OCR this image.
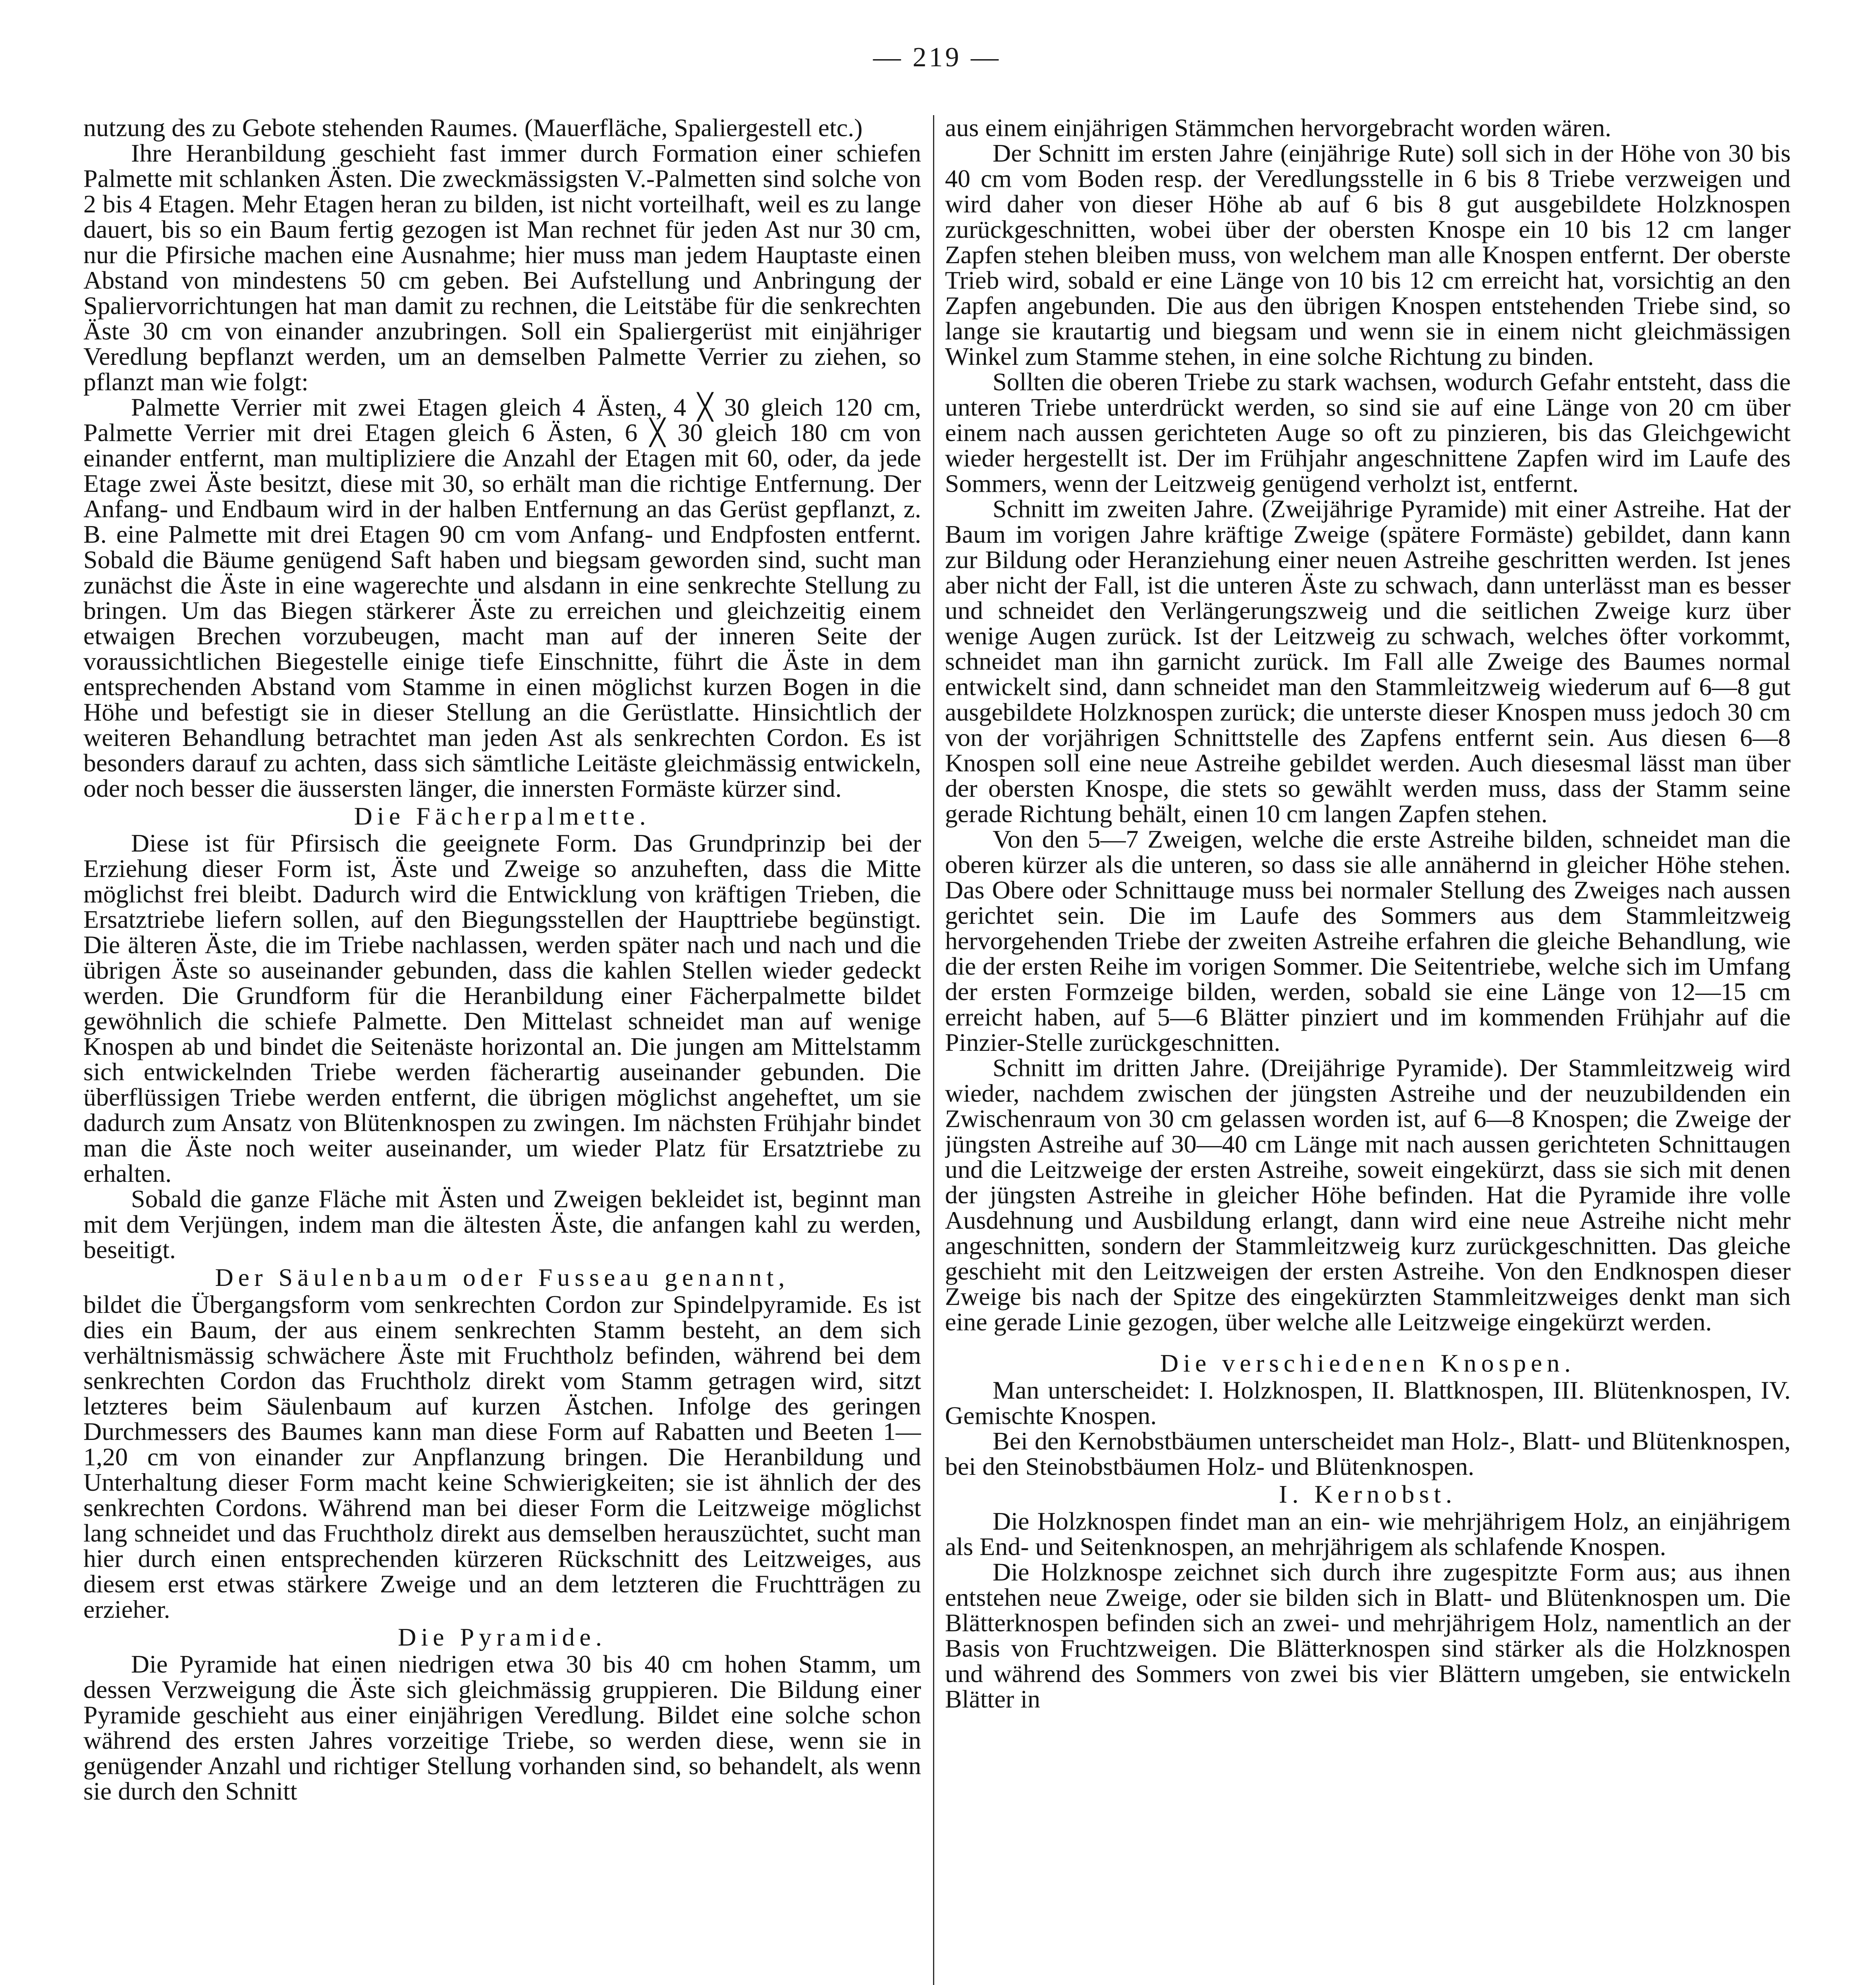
— 219 —

nutzung des zu Gebote stehenden Raumes. (Mauerfläche, Spaliergestell etc.)

Ihre Heranbildung geschieht fast immer durch Formation einer schiefen Palmette mit schlanken Ästen. Die zweckmässigsten V.-Palmetten sind solche von 2 bis 4 Etagen. Mehr Etagen heran zu bilden, ist nicht vorteilhaft, weil es zu lange dauert, bis so ein Baum fertig gezogen ist Man rechnet für jeden Ast nur 30 cm, nur die Pfirsiche machen eine Ausnahme; hier muss man jedem Hauptaste einen Abstand von mindestens 50 cm geben. Bei Aufstellung und Anbringung der Spaliervorrichtungen hat man damit zu rechnen, die Leitstäbe für die senkrechten Äste 30 cm von einander anzubringen. Soll ein Spaliergerüst mit einjähriger Veredlung bepflanzt werden, um an demselben Palmette Verrier zu ziehen, so pflanzt man wie folgt:

Palmette Verrier mit zwei Etagen gleich 4 Ästen, 4 ╳ 30 gleich 120 cm, Palmette Verrier mit drei Etagen gleich 6 Ästen, 6 ╳ 30 gleich 180 cm von einander entfernt, man multipliziere die Anzahl der Etagen mit 60, oder, da jede Etage zwei Äste besitzt, diese mit 30, so erhält man die richtige Entfernung. Der Anfang- und Endbaum wird in der halben Entfernung an das Gerüst gepflanzt, z. B. eine Palmette mit drei Etagen 90 cm vom Anfang- und Endpfosten entfernt. Sobald die Bäume genügend Saft haben und biegsam geworden sind, sucht man zunächst die Äste in eine wagerechte und alsdann in eine senkrechte Stellung zu bringen. Um das Biegen stärkerer Äste zu erreichen und gleichzeitig einem etwaigen Brechen vorzubeugen, macht man auf der inneren Seite der voraussichtlichen Biegestelle einige tiefe Einschnitte, führt die Äste in dem entsprechenden Abstand vom Stamme in einen möglichst kurzen Bogen in die Höhe und befestigt sie in dieser Stellung an die Gerüstlatte. Hinsichtlich der weiteren Behandlung betrachtet man jeden Ast als senkrechten Cordon. Es ist besonders darauf zu achten, dass sich sämtliche Leitäste gleichmässig entwickeln, oder noch besser die äussersten länger, die innersten Formäste kürzer sind.

Die Fächerpalmette.

Diese ist für Pfirsisch die geeignete Form. Das Grundprinzip bei der Erziehung dieser Form ist, Äste und Zweige so anzuheften, dass die Mitte möglichst frei bleibt. Dadurch wird die Entwicklung von kräftigen Trieben, die Ersatztriebe liefern sollen, auf den Biegungsstellen der Haupttriebe begünstigt. Die älteren Äste, die im Triebe nachlassen, werden später nach und nach und die übrigen Äste so auseinander gebunden, dass die kahlen Stellen wieder gedeckt werden. Die Grundform für die Heranbildung einer Fächerpalmette bildet gewöhnlich die schiefe Palmette. Den Mittelast schneidet man auf wenige Knospen ab und bindet die Seitenäste horizontal an. Die jungen am Mittelstamm sich entwickelnden Triebe werden fächerartig auseinander gebunden. Die überflüssigen Triebe werden entfernt, die übrigen möglichst angeheftet, um sie dadurch zum Ansatz von Blütenknospen zu zwingen. Im nächsten Frühjahr bindet man die Äste noch weiter auseinander, um wieder Platz für Ersatztriebe zu erhalten.

Sobald die ganze Fläche mit Ästen und Zweigen bekleidet ist, beginnt man mit dem Verjüngen, indem man die ältesten Äste, die anfangen kahl zu werden, beseitigt.

Der Säulenbaum oder Fusseau genannt,

bildet die Übergangsform vom senkrechten Cordon zur Spindelpyramide. Es ist dies ein Baum, der aus einem senkrechten Stamm besteht, an dem sich verhältnismässig schwächere Äste mit Fruchtholz befinden, während bei dem senkrechten Cordon das Fruchtholz direkt vom Stamm getragen wird, sitzt letzteres beim Säulenbaum auf kurzen Ästchen. Infolge des geringen Durchmessers des Baumes kann man diese Form auf Rabatten und Beeten 1—1,20 cm von einander zur Anpflanzung bringen. Die Heranbildung und Unterhaltung dieser Form macht keine Schwierigkeiten; sie ist ähnlich der des senkrechten Cordons. Während man bei dieser Form die Leitzweige möglichst lang schneidet und das Fruchtholz direkt aus demselben herauszüchtet, sucht man hier durch einen entsprechenden kürzeren Rückschnitt des Leitzweiges, aus diesem erst etwas stärkere Zweige und an dem letzteren die Fruchtträgen zu erzieher.

Die Pyramide.

Die Pyramide hat einen niedrigen etwa 30 bis 40 cm hohen Stamm, um dessen Verzweigung die Äste sich gleichmässig gruppieren. Die Bildung einer Pyramide geschieht aus einer einjährigen Veredlung. Bildet eine solche schon während des ersten Jahres vorzeitige Triebe, so werden diese, wenn sie in genügender Anzahl und richtiger Stellung vorhanden sind, so behandelt, als wenn sie durch den Schnitt

aus einem einjährigen Stämmchen hervorgebracht worden wären.

Der Schnitt im ersten Jahre (einjährige Rute) soll sich in der Höhe von 30 bis 40 cm vom Boden resp. der Veredlungsstelle in 6 bis 8 Triebe verzweigen und wird daher von dieser Höhe ab auf 6 bis 8 gut ausgebildete Holzknospen zurückgeschnitten, wobei über der obersten Knospe ein 10 bis 12 cm langer Zapfen stehen bleiben muss, von welchem man alle Knospen entfernt. Der oberste Trieb wird, sobald er eine Länge von 10 bis 12 cm erreicht hat, vorsichtig an den Zapfen angebunden. Die aus den übrigen Knospen entstehenden Triebe sind, so lange sie krautartig und biegsam und wenn sie in einem nicht gleichmässigen Winkel zum Stamme stehen, in eine solche Richtung zu binden.

Sollten die oberen Triebe zu stark wachsen, wodurch Gefahr entsteht, dass die unteren Triebe unterdrückt werden, so sind sie auf eine Länge von 20 cm über einem nach aussen gerichteten Auge so oft zu pinzieren, bis das Gleichgewicht wieder hergestellt ist. Der im Frühjahr angeschnittene Zapfen wird im Laufe des Sommers, wenn der Leitzweig genügend verholzt ist, entfernt.

Schnitt im zweiten Jahre. (Zweijährige Pyramide) mit einer Astreihe. Hat der Baum im vorigen Jahre kräftige Zweige (spätere Formäste) gebildet, dann kann zur Bildung oder Heranziehung einer neuen Astreihe geschritten werden. Ist jenes aber nicht der Fall, ist die unteren Äste zu schwach, dann unterlässt man es besser und schneidet den Verlängerungszweig und die seitlichen Zweige kurz über wenige Augen zurück. Ist der Leitzweig zu schwach, welches öfter vorkommt, schneidet man ihn garnicht zurück. Im Fall alle Zweige des Baumes normal entwickelt sind, dann schneidet man den Stammleitzweig wiederum auf 6—8 gut ausgebildete Holzknospen zurück; die unterste dieser Knospen muss jedoch 30 cm von der vorjährigen Schnittstelle des Zapfens entfernt sein. Aus diesen 6—8 Knospen soll eine neue Astreihe gebildet werden. Auch diesesmal lässt man über der obersten Knospe, die stets so gewählt werden muss, dass der Stamm seine gerade Richtung behält, einen 10 cm langen Zapfen stehen.

Von den 5—7 Zweigen, welche die erste Astreihe bilden, schneidet man die oberen kürzer als die unteren, so dass sie alle annähernd in gleicher Höhe stehen. Das Obere oder Schnittauge muss bei normaler Stellung des Zweiges nach aussen gerichtet sein. Die im Laufe des Sommers aus dem Stammleitzweig hervorgehenden Triebe der zweiten Astreihe erfahren die gleiche Behandlung, wie die der ersten Reihe im vorigen Sommer. Die Seitentriebe, welche sich im Umfang der ersten Formzeige bilden, werden, sobald sie eine Länge von 12—15 cm erreicht haben, auf 5—6 Blätter pinziert und im kommenden Frühjahr auf die Pinzier-Stelle zurückgeschnitten.

Schnitt im dritten Jahre. (Dreijährige Pyramide). Der Stammleitzweig wird wieder, nachdem zwischen der jüngsten Astreihe und der neuzubildenden ein Zwischenraum von 30 cm gelassen worden ist, auf 6—8 Knospen; die Zweige der jüngsten Astreihe auf 30—40 cm Länge mit nach aussen gerichteten Schnittaugen und die Leitzweige der ersten Astreihe, soweit eingekürzt, dass sie sich mit denen der jüngsten Astreihe in gleicher Höhe befinden. Hat die Pyramide ihre volle Ausdehnung und Ausbildung erlangt, dann wird eine neue Astreihe nicht mehr angeschnitten, sondern der Stammleitzweig kurz zurückgeschnitten. Das gleiche geschieht mit den Leitzweigen der ersten Astreihe. Von den Endknospen dieser Zweige bis nach der Spitze des eingekürzten Stammleitzweiges denkt man sich eine gerade Linie gezogen, über welche alle Leitzweige eingekürzt werden.

Die verschiedenen Knospen.

Man unterscheidet: I. Holzknospen, II. Blattknospen, III. Blütenknospen, IV. Gemischte Knospen.

Bei den Kernobstbäumen unterscheidet man Holz-, Blatt- und Blütenknospen, bei den Steinobstbäumen Holz- und Blütenknospen.

I. Kernobst.

Die Holzknospen findet man an ein- wie mehrjährigem Holz, an einjährigem als End- und Seitenknospen, an mehrjährigem als schlafende Knospen.

Die Holzknospe zeichnet sich durch ihre zugespitzte Form aus; aus ihnen entstehen neue Zweige, oder sie bilden sich in Blatt- und Blütenknospen um. Die Blätterknospen befinden sich an zwei- und mehrjährigem Holz, namentlich an der Basis von Fruchtzweigen. Die Blätterknospen sind stärker als die Holzknospen und während des Sommers von zwei bis vier Blättern umgeben, sie entwickeln Blätter in
